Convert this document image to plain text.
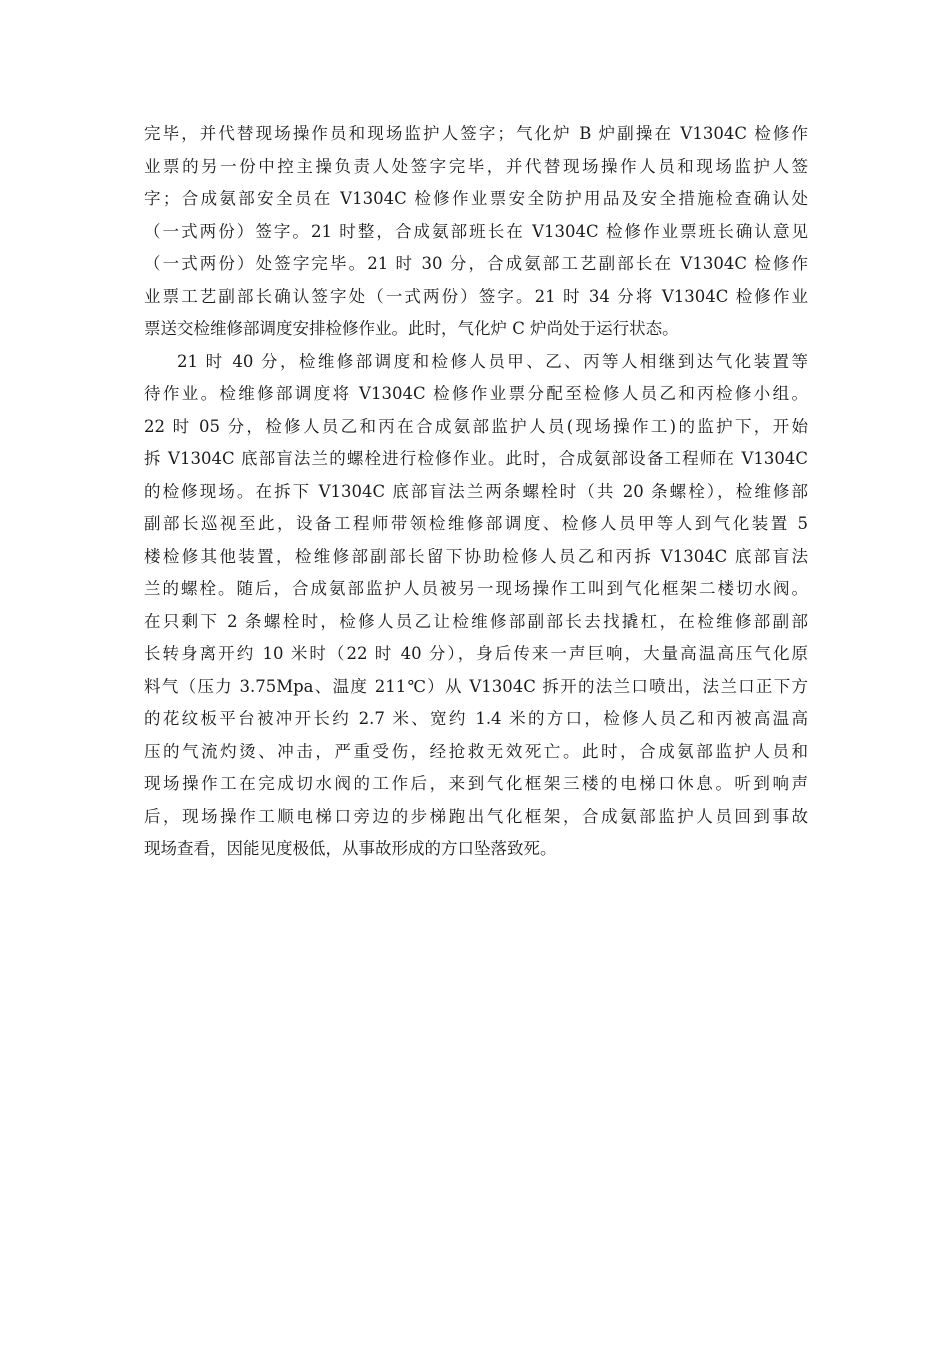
完毕，并代替现场操作员和现场监护人签字；气化炉 B 炉副操在 V1304C 检修作
业票的另一份中控主操负责人处签字完毕，并代替现场操作人员和现场监护人签
字；合成氨部安全员在 V1304C 检修作业票安全防护用品及安全措施检查确认处
（一式两份）签字。21 时整，合成氨部班长在 V1304C 检修作业票班长确认意见
（一式两份）处签字完毕。21 时 30 分，合成氨部工艺副部长在 V1304C 检修作
业票工艺副部长确认签字处（一式两份）签字。21 时 34 分将 V1304C 检修作业
票送交检维修部调度安排检修作业。此时，气化炉 C 炉尚处于运行状态。
21 时 40 分，检维修部调度和检修人员甲、乙、丙等人相继到达气化装置等
待作业。检维修部调度将 V1304C 检修作业票分配至检修人员乙和丙检修小组。
22 时 05 分，检修人员乙和丙在合成氨部监护人员(现场操作工)的监护下，开始
拆 V1304C 底部盲法兰的螺栓进行检修作业。此时，合成氨部设备工程师在 V1304C
的检修现场。在拆下 V1304C 底部盲法兰两条螺栓时（共 20 条螺栓），检维修部
副部长巡视至此，设备工程师带领检维修部调度、检修人员甲等人到气化装置 5
楼检修其他装置，检维修部副部长留下协助检修人员乙和丙拆 V1304C 底部盲法
兰的螺栓。随后，合成氨部监护人员被另一现场操作工叫到气化框架二楼切水阀。
在只剩下 2 条螺栓时，检修人员乙让检维修部副部长去找撬杠，在检维修部副部
长转身离开约 10 米时（22 时 40 分），身后传来一声巨响，大量高温高压气化原
料气（压力 3.75Mpa、温度 211℃）从 V1304C 拆开的法兰口喷出，法兰口正下方
的花纹板平台被冲开长约 2.7 米、宽约 1.4 米的方口，检修人员乙和丙被高温高
压的气流灼烫、冲击，严重受伤，经抢救无效死亡。此时，合成氨部监护人员和
现场操作工在完成切水阀的工作后，来到气化框架三楼的电梯口休息。听到响声
后，现场操作工顺电梯口旁边的步梯跑出气化框架，合成氨部监护人员回到事故
现场查看，因能见度极低，从事故形成的方口坠落致死。
